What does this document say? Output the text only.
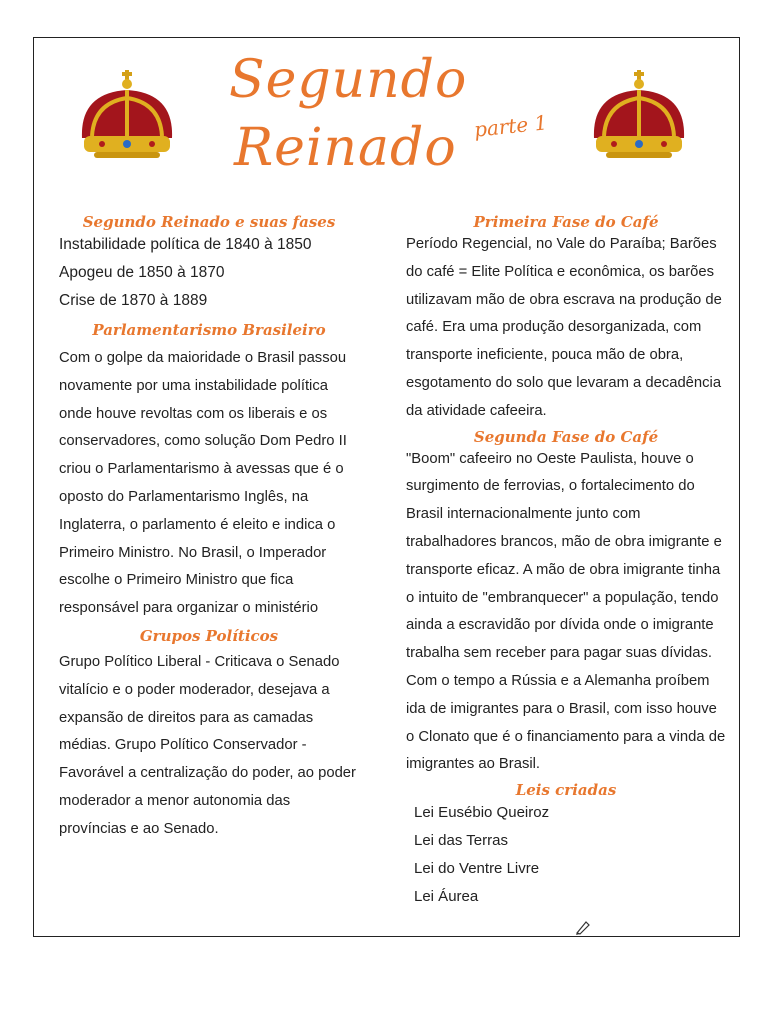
Segundo
Reinado parte 1
Segundo Reinado e suas fases

Instabilidade política de 1840 à 1850

Apogeu de 1850 à 1870

Crise de 1870 à 1889

Parlamentarismo Brasileiro

Com o golpe da maioridade o Brasil passou novamente por uma instabilidade política onde houve revoltas com os liberais e os conservadores, como solução Dom Pedro II criou o Parlamentarismo à avessas que é o oposto do Parlamentarismo Inglês, na Inglaterra, o parlamento é eleito e indica o Primeiro Ministro. No Brasil, o Imperador escolhe o Primeiro Ministro que fica responsável para organizar o ministério

Grupos Políticos

Grupo Político Liberal - Criticava o Senado vitalício e o poder moderador, desejava a expansão de direitos para as camadas médias. Grupo Político Conservador - Favorável a centralização do poder, ao poder moderador a menor autonomia das províncias e ao Senado.

Primeira Fase do Café

Período Regencial, no Vale do Paraíba; Barões do café = Elite Política e econômica, os barões utilizavam mão de obra escrava na produção de café. Era uma produção desorganizada, com transporte ineficiente, pouca mão de obra, esgotamento do solo que levaram a decadência da atividade cafeeira.

Segunda Fase do Café

"Boom" cafeeiro no Oeste Paulista, houve o surgimento de ferrovias, o fortalecimento do Brasil internacionalmente junto com trabalhadores brancos, mão de obra imigrante e transporte eficaz. A mão de obra imigrante tinha o intuito de "embranquecer" a população, tendo ainda a escravidão por dívida onde o imigrante trabalha sem receber para pagar suas dívidas. Com o tempo a Rússia e a Alemanha proíbem ida de imigrantes para o Brasil, com isso houve o Clonato que é o financiamento para a vinda de imigrantes ao Brasil.

Leis criadas

Lei Eusébio Queiroz

Lei das Terras

Lei do Ventre Livre

Lei Áurea
